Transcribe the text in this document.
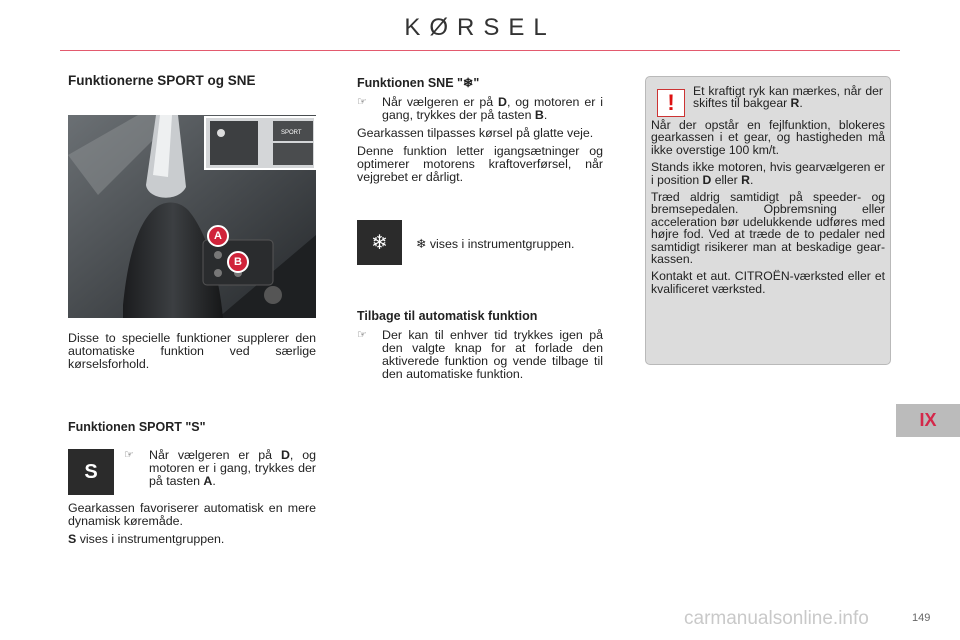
KØRSEL

Funktionerne SPORT og SNE

SPORT
A
B

Disse to specielle funktioner supplerer den automatiske funktion ved særlige kørselsforhold.

Funktionen SPORT "S"

S

☞ Når vælgeren er på D, og motoren er i gang, trykkes der på tasten A.

Gearkassen favoriserer automatisk en mere dynamisk køremåde.

S vises i instrumentgruppen.

Funktionen SNE "❄"

☞ Når vælgeren er på D, og motoren er i gang, trykkes der på tasten B.

Gearkassen tilpasses kørsel på glatte veje.

Denne funktion letter igangsætninger og optimerer motorens kraftoverførsel, når vejgrebet er dårligt.

❄	❄ vises i instrumentgruppen.

Tilbage til automatisk funktion

☞ Der kan til enhver tid trykkes igen på den valgte knap for at forlade den aktiverede funktion og vende tilbage til den automatiske funktion.

!	Et kraftigt ryk kan mærkes, når der skiftes til bakgear R.

Når der opstår en fejlfunktion, blokeres gearkassen i et gear, og hastigheden må ikke overstige 100 km/t.

Stands ikke motoren, hvis gearvælgeren er i position D eller R.

Træd aldrig samtidigt på speeder- og bremsepedalen. Opbremsning eller acceleration bør udelukkende udføres med højre fod. Ved at træde de to pedaler ned samtidigt risikerer man at beskadige gearkassen.

Kontakt et aut. CITROËN-værksted eller et kvalificeret værksted.

IX
carmanualsonline.info	149
